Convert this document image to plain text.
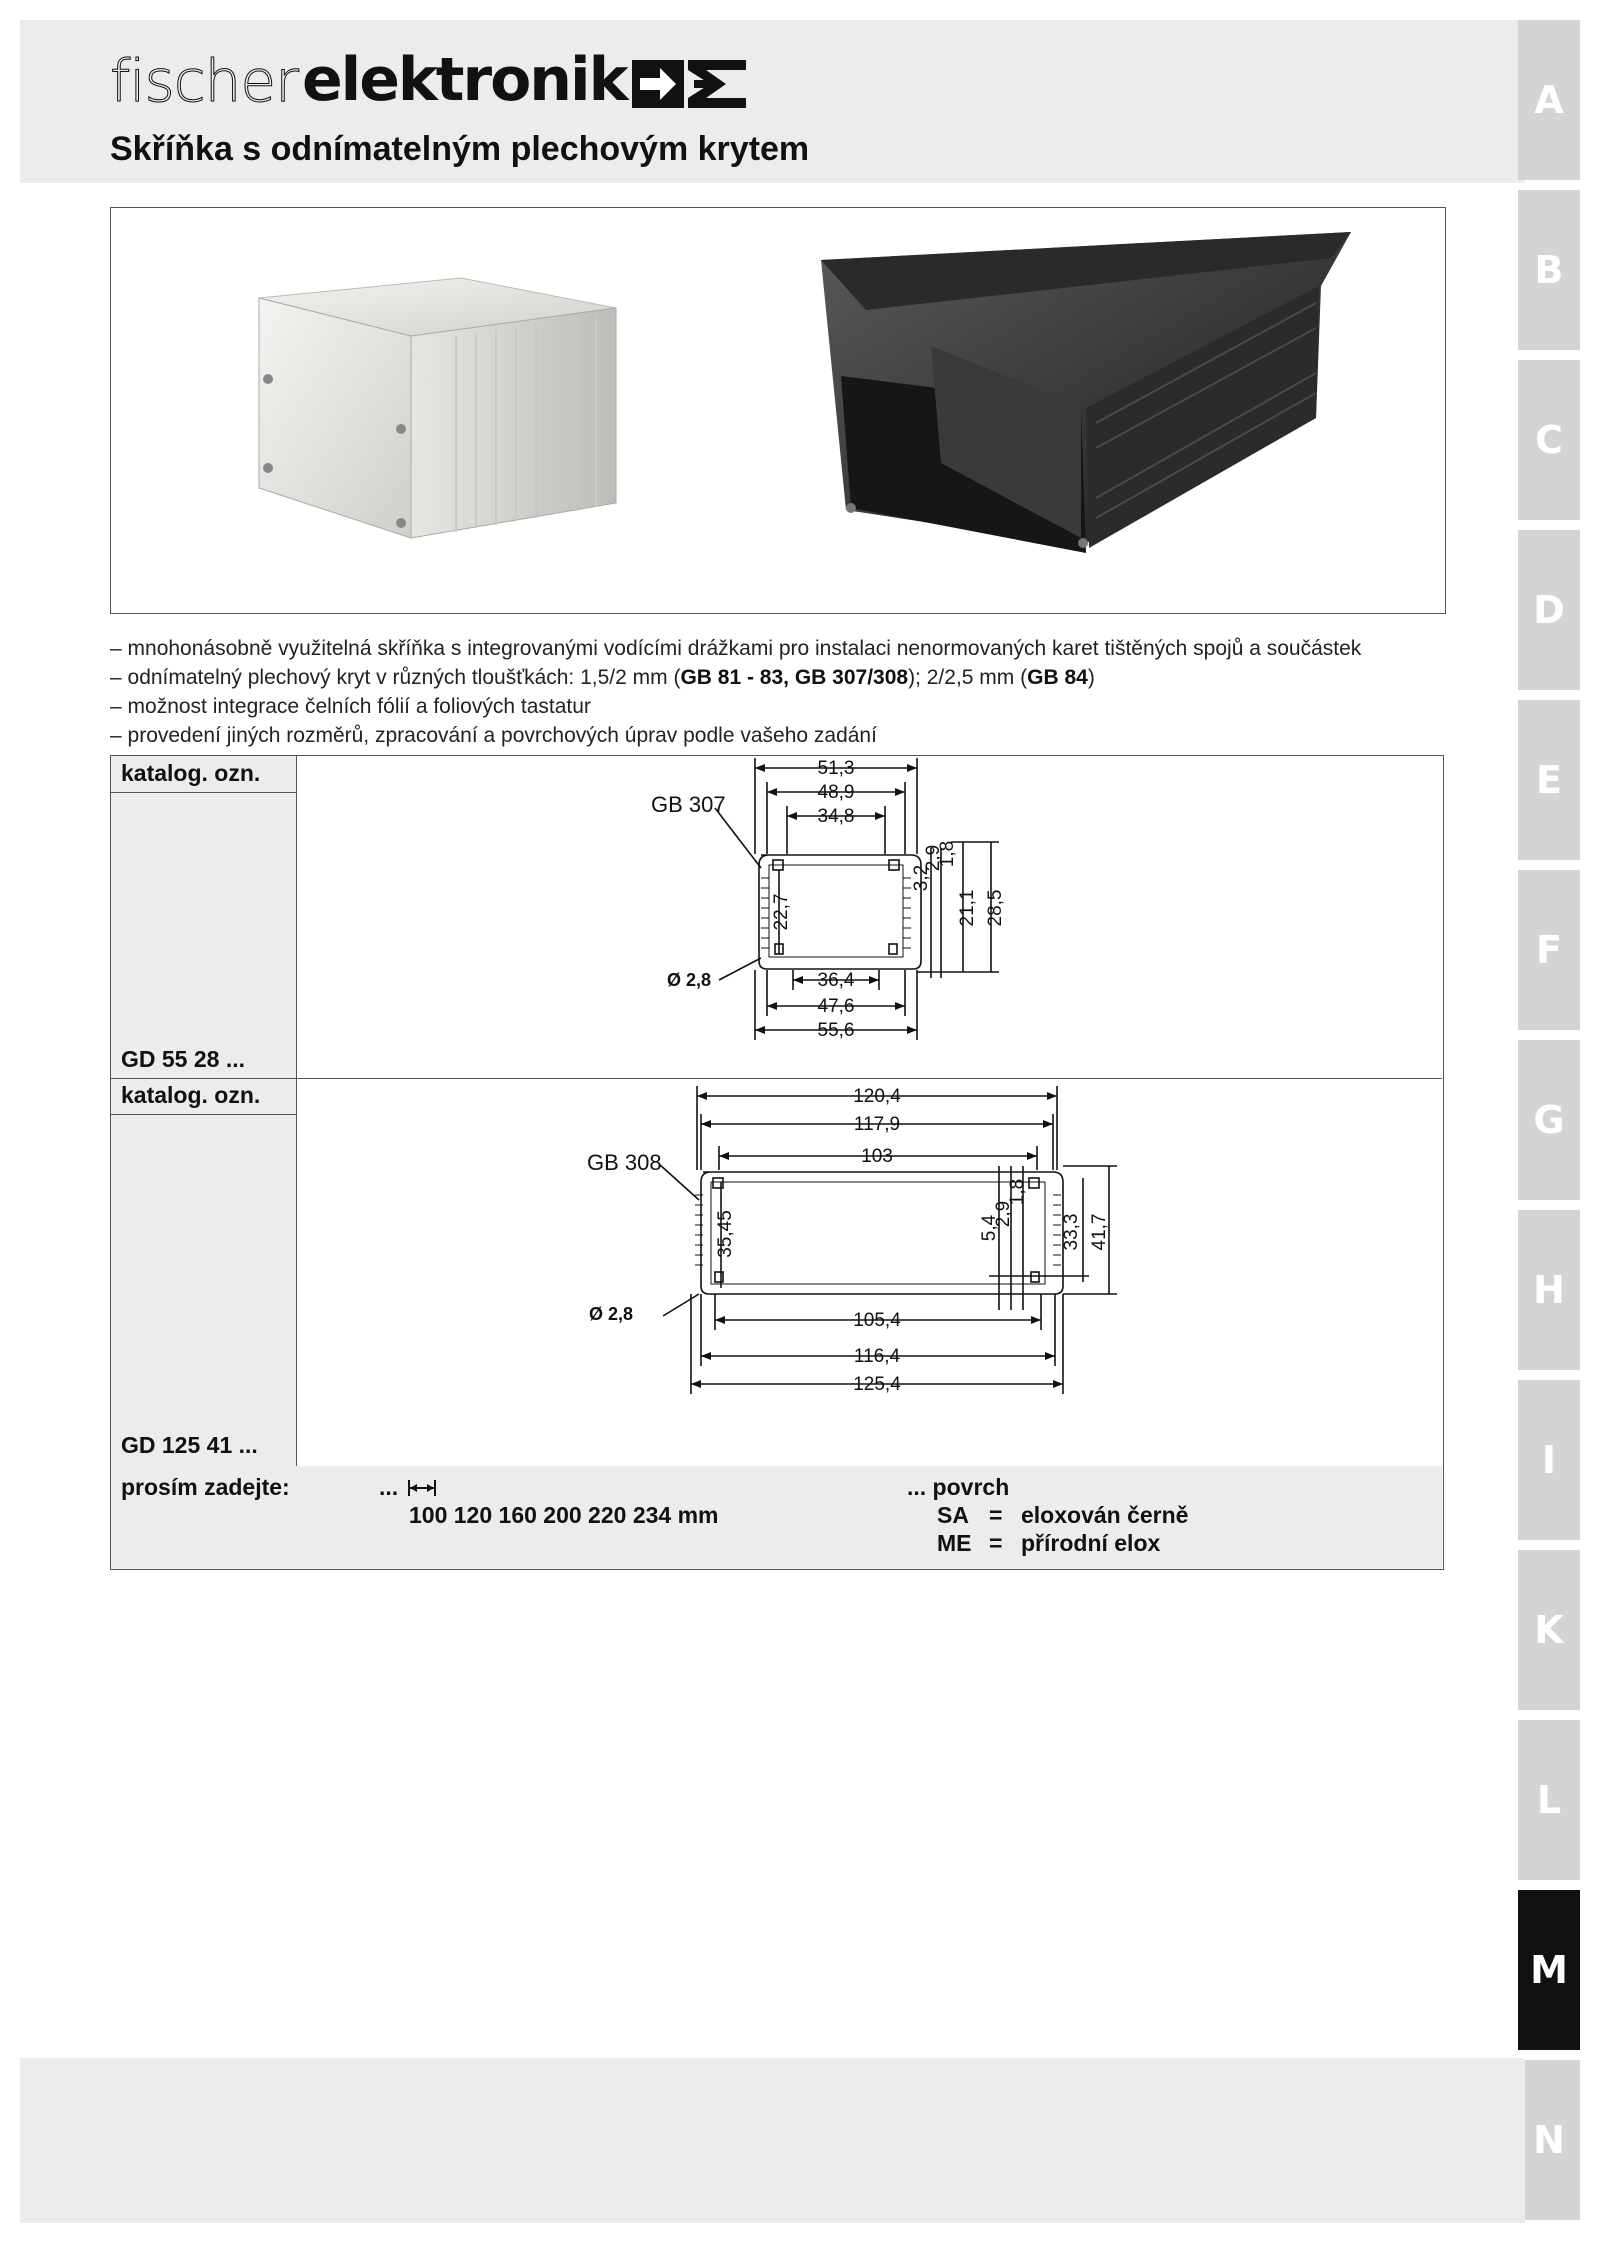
fischer elektronik
Skříňka s odnímatelným plechovým krytem
A
B
C
D
E
F
G
H
I
K
L
M
N
– mnohonásobně využitelná skříňka s integrovanými vodícími drážkami pro instalaci nenormovaných karet tištěných spojů a součástek
– odnímatelný plechový kryt v různých tloušťkách: 1,5/2 mm (GB 81 - 83, GB 307/308); 2/2,5 mm (GB 84)
– možnost integrace čelních fólií a foliových tastatur
– provedení jiných rozměrů, zpracování a povrchových úprav podle vašeho zadání
katalog. ozn.
GD 55 28 ...
katalog. ozn.
GD 125 41 ...
51,3
48,9
34,8
36,4
47,6
55,6
22,7
3,2
2,9
1,8
21,1 28,5
GB 307
Ø 2,8
120,4
117,9
103
105,4
116,4
125,4
35,45	5,4
2,9
1,8
33,3 41,7
GB 308
Ø 2,8
prosím zadejte:	...
100 120 160 200 220 234 mm
... povrch
SA = eloxován černě
ME = přírodní elox
